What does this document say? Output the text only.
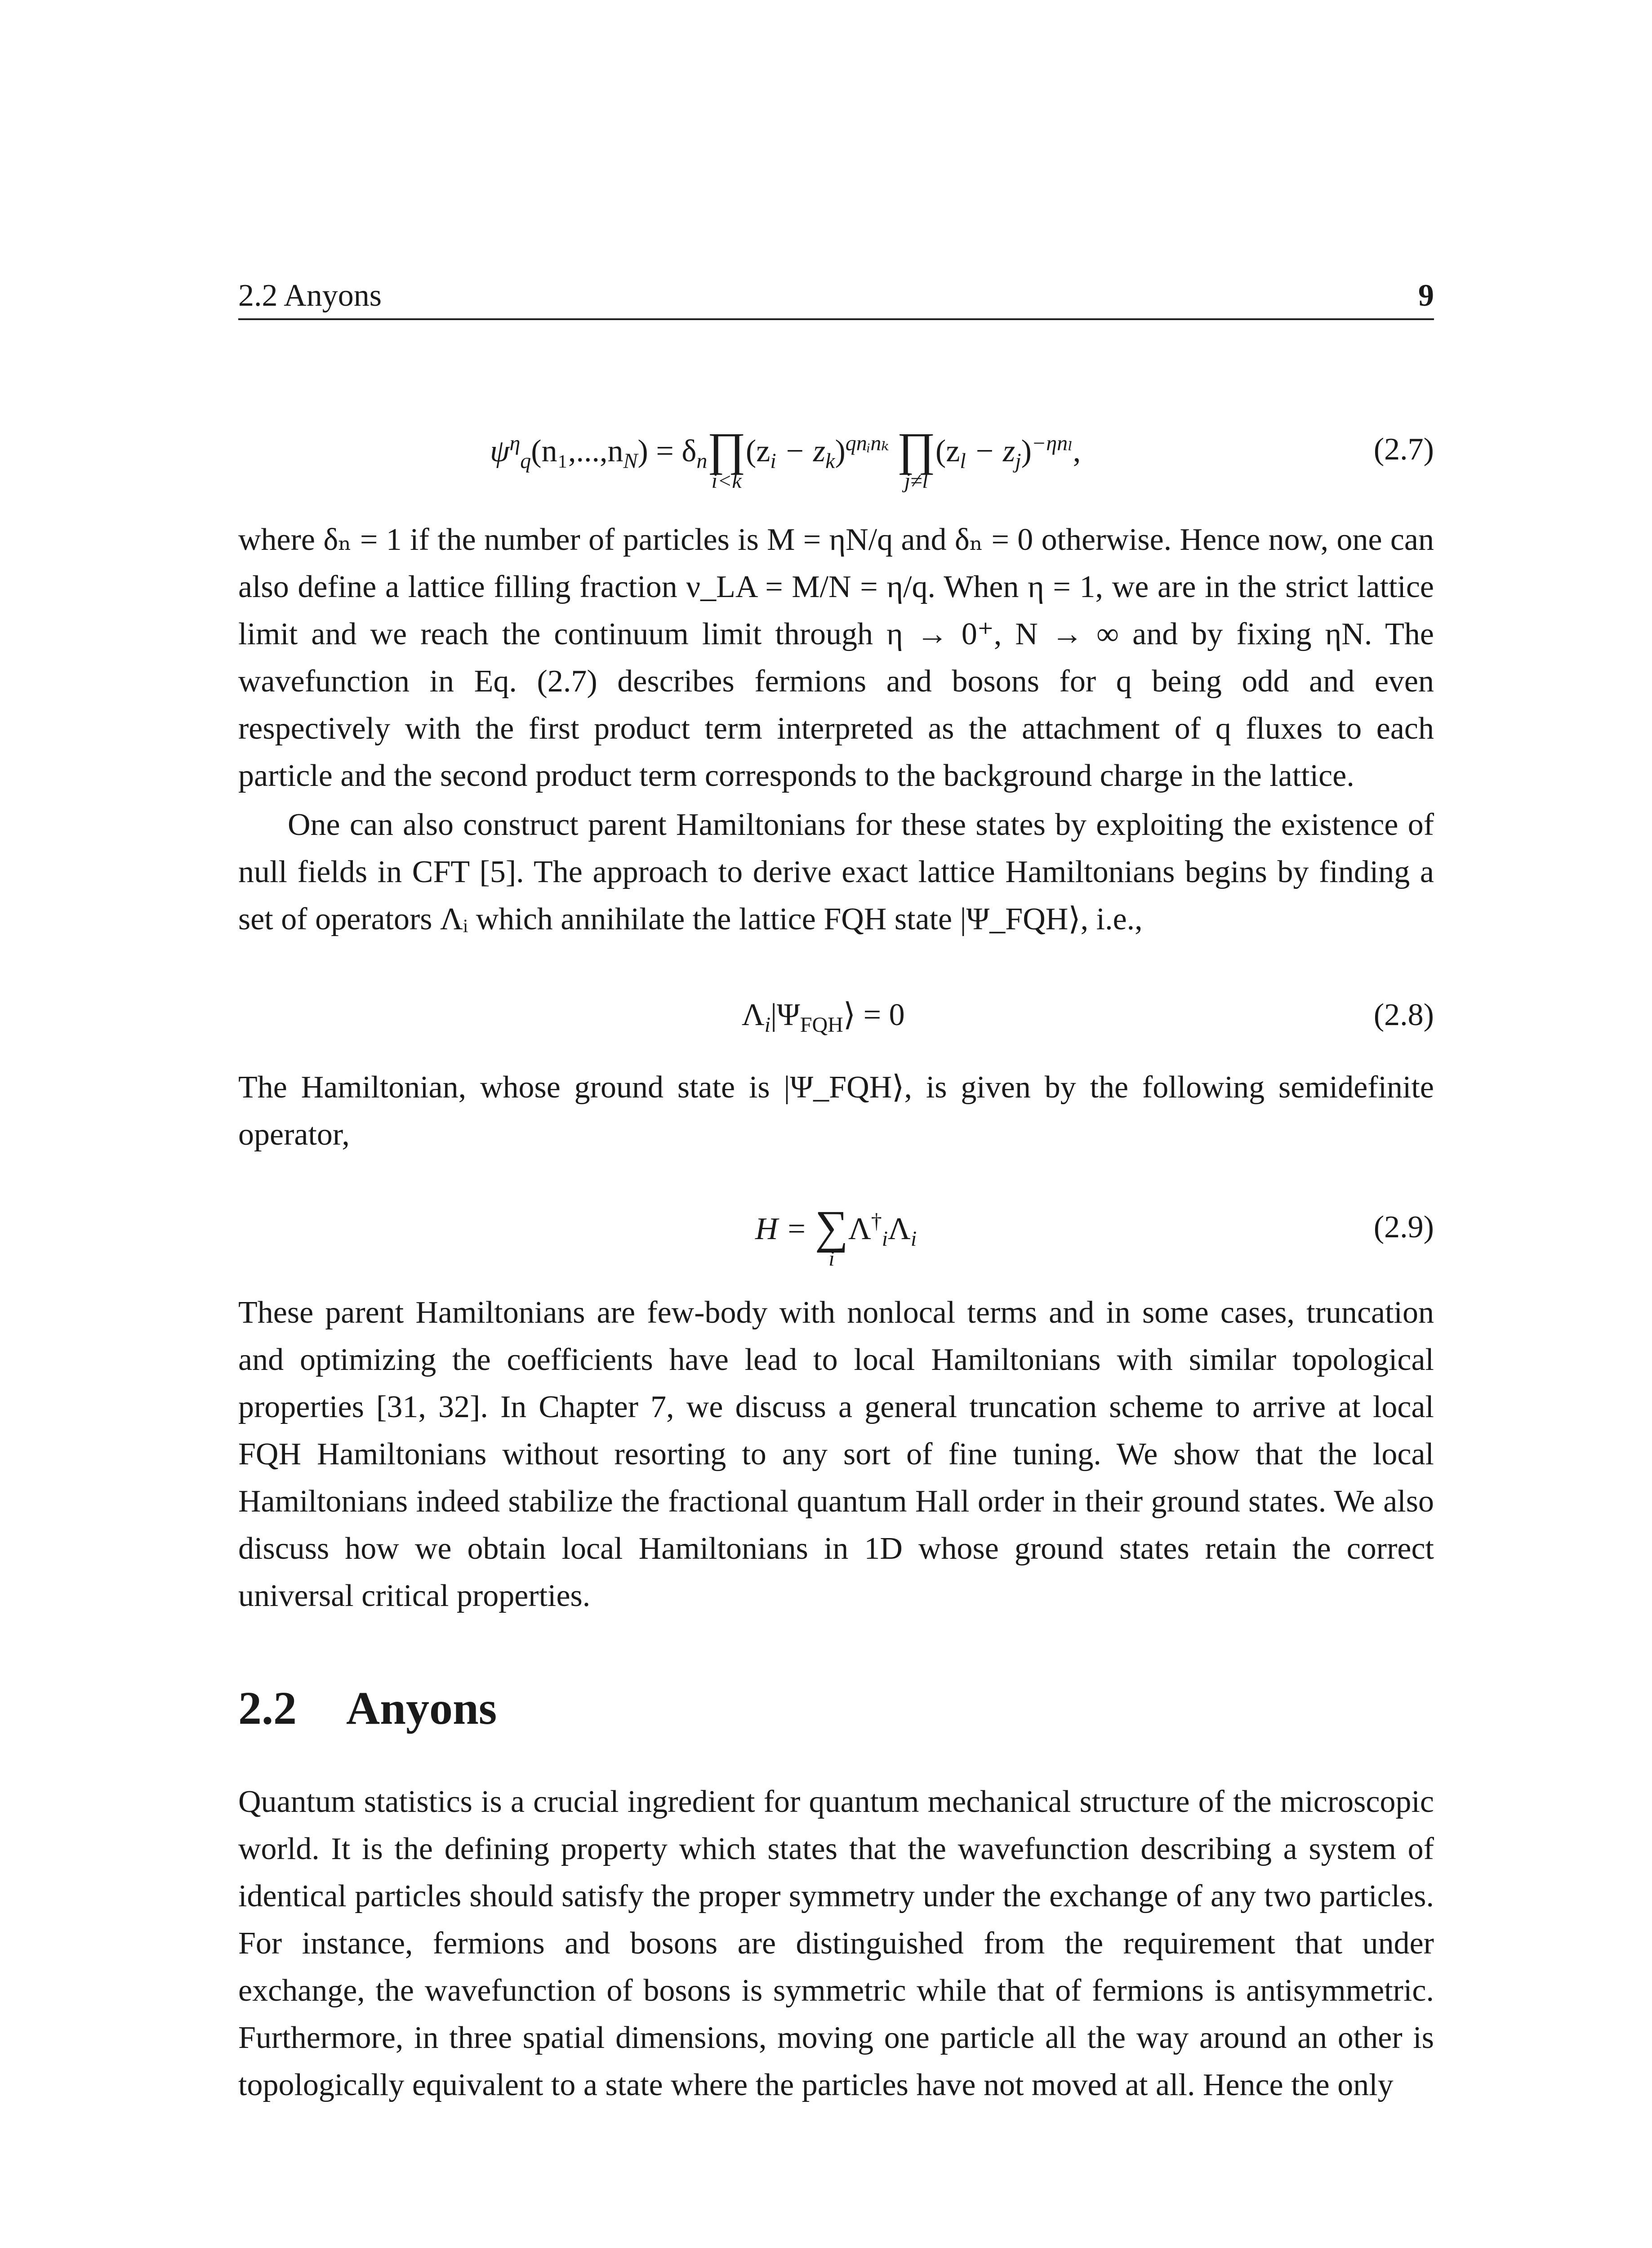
2.2 Anyons	9
$\psi^\eta_q(n_1,...,n_N)$ = $\delta_n\prod$
i<k
$(z_i - z_k)^{qnᵢn_k}$ ∏
j≠l
$(z_l - z_j)^{-\eta n_l}$,	(2.7)

where δₙ = 1 if the number of particles is M = ηN/q and δₙ = 0 otherwise. Hence now, one can also define a lattice filling fraction ν_LA = M/N = η/q. When η = 1, we are in the strict lattice limit and we reach the continuum limit through η → 0⁺, N → ∞ and by fixing ηN. The wavefunction in Eq. (2.7) describes fermions and bosons for q being odd and even respectively with the first product term interpreted as the attachment of q fluxes to each particle and the second product term corresponds to the background charge in the lattice.

One can also construct parent Hamiltonians for these states by exploiting the existence of null fields in CFT [5]. The approach to derive exact lattice Hamiltonians begins by finding a set of operators Λᵢ which annihilate the lattice FQH state |Ψ_FQH⟩, i.e.,

$\Lambda_i|\Psi_{FQH}⟩ = 0$	(2.8)

The Hamiltonian, whose ground state is |Ψ_FQH⟩, is given by the following semidefinite operator,

H = ∑
i
$\Lambda^\dagger_i\Lambda_i$	(2.9)

These parent Hamiltonians are few-body with nonlocal terms and in some cases, truncation and optimizing the coefficients have lead to local Hamiltonians with similar topological properties [31, 32]. In Chapter 7, we discuss a general truncation scheme to arrive at local FQH Hamiltonians without resorting to any sort of fine tuning. We show that the local Hamiltonians indeed stabilize the fractional quantum Hall order in their ground states. We also discuss how we obtain local Hamiltonians in 1D whose ground states retain the correct universal critical properties.

2.2 Anyons

Quantum statistics is a crucial ingredient for quantum mechanical structure of the microscopic world. It is the defining property which states that the wavefunction describing a system of identical particles should satisfy the proper symmetry under the exchange of any two particles. For instance, fermions and bosons are distinguished from the requirement that under exchange, the wavefunction of bosons is symmetric while that of fermions is antisymmetric. Furthermore, in three spatial dimensions, moving one particle all the way around an other is topologically equivalent to a state where the particles have not moved at all. Hence the only
